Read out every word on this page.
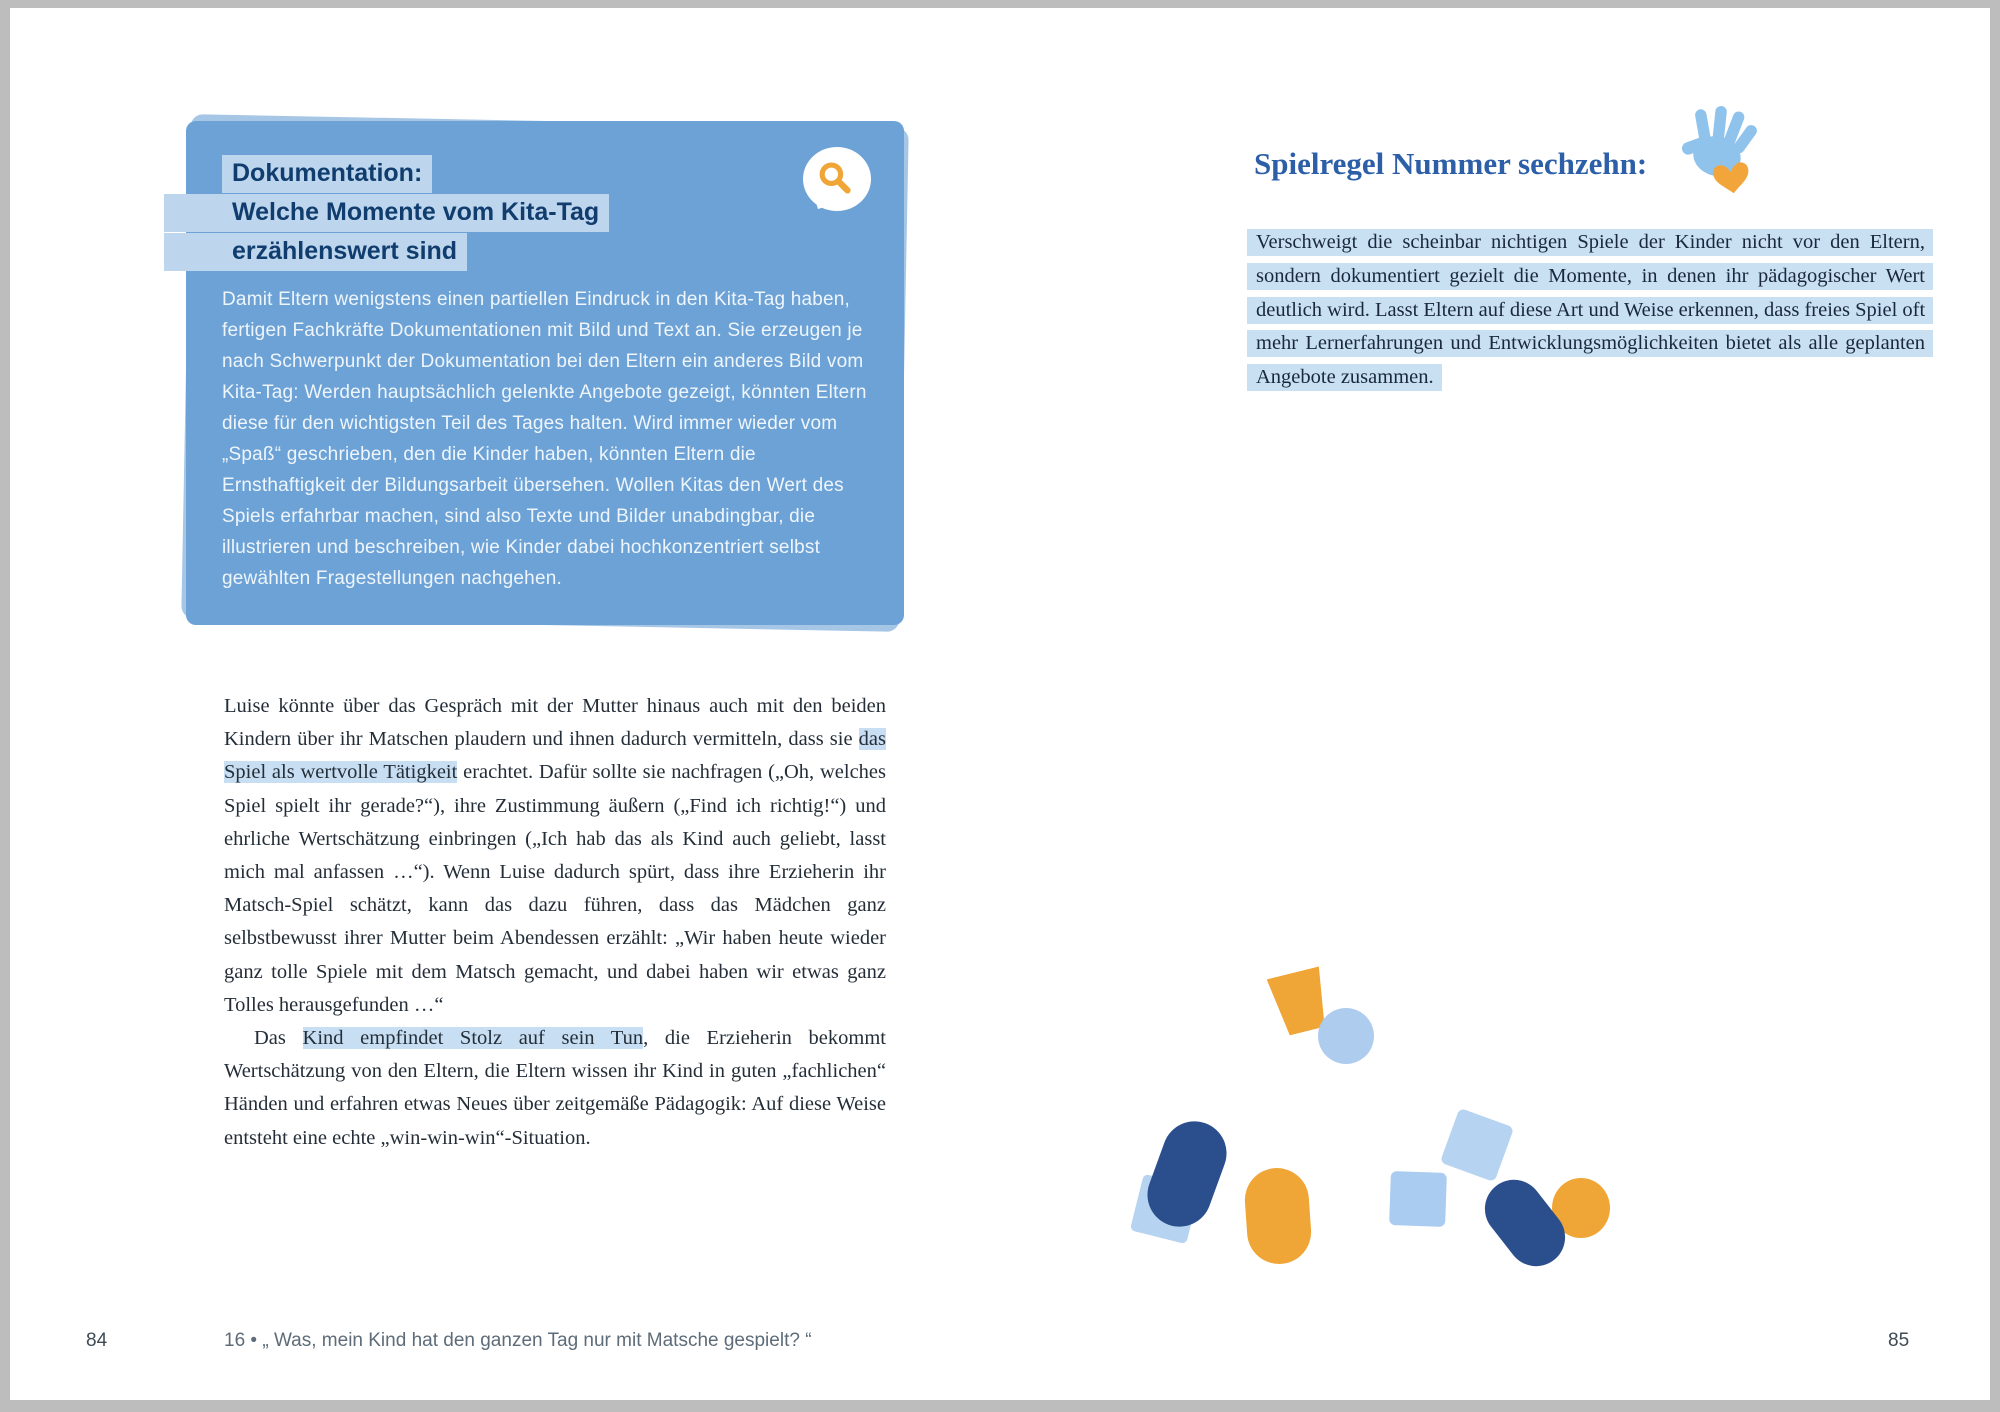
Dokumentation:
Welche Momente vom Kita-Tag
erzählenswert sind
Damit Eltern wenigstens einen partiellen Eindruck in den Kita-Tag haben, fertigen Fachkräfte Dokumentationen mit Bild und Text an. Sie erzeugen je nach Schwerpunkt der Dokumentation bei den Eltern ein anderes Bild vom Kita-Tag: Werden hauptsächlich gelenkte Angebote gezeigt, könnten Eltern diese für den wichtigsten Teil des Tages halten. Wird immer wieder vom „Spaß“ geschrieben, den die Kinder haben, könnten Eltern die Ernsthaftigkeit der Bildungsarbeit übersehen. Wollen Kitas den Wert des Spiels erfahrbar machen, sind also Texte und Bilder unabdingbar, die illustrieren und beschreiben, wie Kinder dabei hochkonzentriert selbst gewählten Fragestellungen nachgehen.

Luise könnte über das Gespräch mit der Mutter hinaus auch mit den beiden Kindern über ihr Matschen plaudern und ihnen dadurch vermitteln, dass sie das Spiel als wertvolle Tätigkeit erachtet. Dafür sollte sie nachfragen („Oh, welches Spiel spielt ihr gerade?“), ihre Zustimmung äußern („Find ich richtig!“) und ehrliche Wertschätzung einbringen („Ich hab das als Kind auch geliebt, lasst mich mal anfassen …“). Wenn Luise dadurch spürt, dass ihre Erzieherin ihr Matsch-Spiel schätzt, kann das dazu führen, dass das Mädchen ganz selbstbewusst ihrer Mutter beim Abendessen erzählt: „Wir haben heute wieder ganz tolle Spiele mit dem Matsch gemacht, und dabei haben wir etwas ganz Tolles herausgefunden …“

Das Kind empfindet Stolz auf sein Tun, die Erzieherin bekommt Wertschätzung von den Eltern, die Eltern wissen ihr Kind in guten „fachlichen“ Händen und erfahren etwas Neues über zeitgemäße Pädagogik: Auf diese Weise entsteht eine echte „win-win-win“-Situation.

84	16 • „ Was, mein Kind hat den ganzen Tag nur mit Matsche gespielt? “
Spielregel Nummer sechzehn:
Verschweigt die scheinbar nichtigen Spiele der Kinder nicht vor den Eltern, sondern dokumentiert gezielt die Momente, in denen ihr pädagogischer Wert deutlich wird. Lasst Eltern auf diese Art und Weise erkennen, dass freies Spiel oft mehr Lernerfahrungen und Entwicklungsmöglichkeiten bietet als alle geplanten Angebote zusammen.
85
